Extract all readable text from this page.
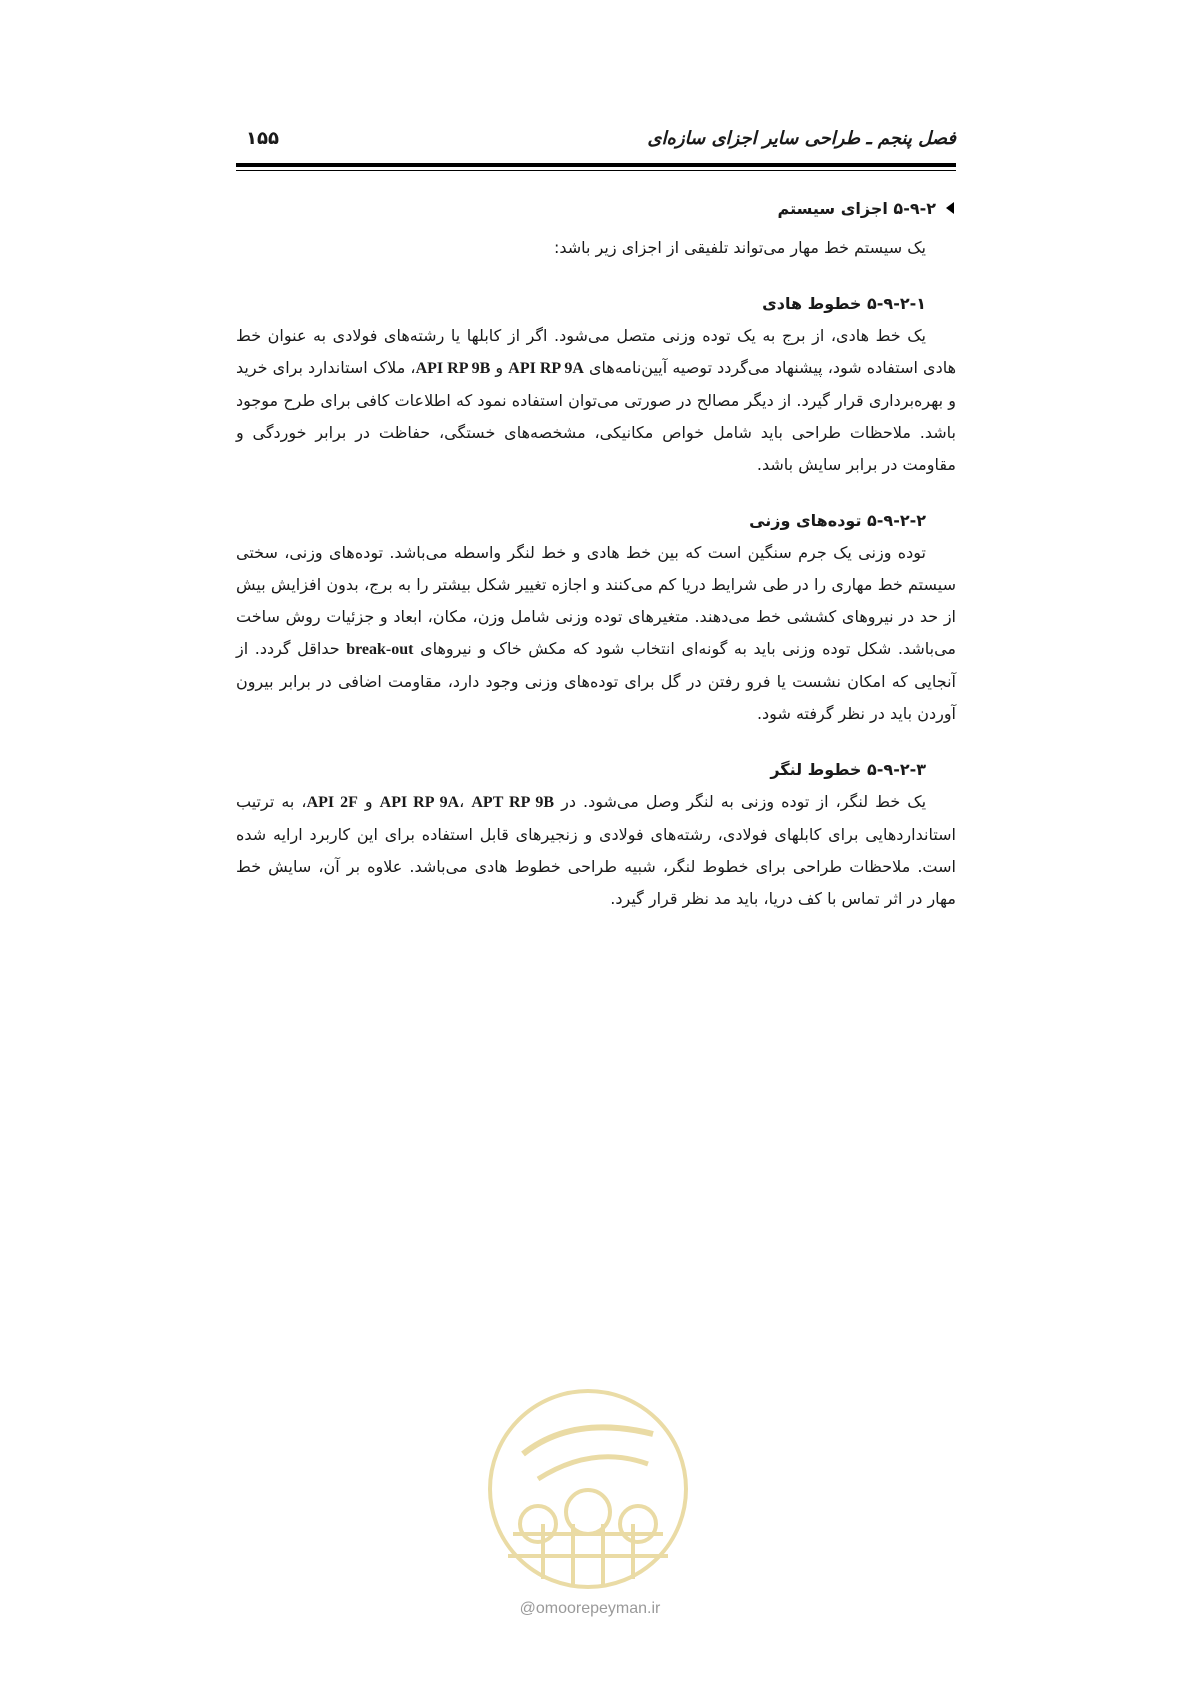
فصل پنجم ـ طراحی سایر اجزای سازه‌ای
۱۵۵
۵-۹-۲ اجزای سیستم

یک سیستم خط مهار می‌تواند تلفیقی از اجزای زیر باشد:

۵-۹-۲-۱ خطوط هادی

یک خط هادی، از برج به یک توده وزنی متصل می‌شود. اگر از کابلها یا رشته‌های فولادی به عنوان خط هادی استفاده شود، پیشنهاد می‌گردد توصیه آیین‌نامه‌های API RP 9A و API RP 9B، ملاک استاندارد برای خرید و بهره‌برداری قرار گیرد. از دیگر مصالح در صورتی می‌توان استفاده نمود که اطلاعات کافی برای طرح موجود باشد. ملاحظات طراحی باید شامل خواص مکانیکی، مشخصه‌های خستگی، حفاظت در برابر خوردگی و مقاومت در برابر سایش باشد.

۵-۹-۲-۲ توده‌های وزنی

توده وزنی یک جرم سنگین است که بین خط هادی و خط لنگر واسطه می‌باشد. توده‌های وزنی، سختی سیستم خط مهاری را در طی شرایط دریا کم می‌کنند و اجازه تغییر شکل بیشتر را به برج، بدون افزایش بیش از حد در نیروهای کششی خط می‌دهند. متغیرهای توده وزنی شامل وزن، مکان، ابعاد و جزئیات روش ساخت می‌باشد. شکل توده وزنی باید به گونه‌ای انتخاب شود که مکش خاک و نیروهای break-out حداقل گردد. از آنجایی که امکان نشست یا فرو رفتن در گل برای توده‌های وزنی وجود دارد، مقاومت اضافی در برابر بیرون آوردن باید در نظر گرفته شود.

۵-۹-۲-۳ خطوط لنگر

یک خط لنگر، از توده وزنی به لنگر وصل می‌شود. در API RP 9A، APT RP 9B و API 2F، به ترتیب استانداردهایی برای کابلهای فولادی، رشته‌های فولادی و زنجیرهای قابل استفاده برای این کاربرد ارایه شده است. ملاحظات طراحی برای خطوط لنگر، شبیه طراحی خطوط هادی می‌باشد. علاوه بر آن، سایش خط مهار در اثر تماس با کف دریا، باید مد نظر قرار گیرد.

@omoorepeyman.ir
